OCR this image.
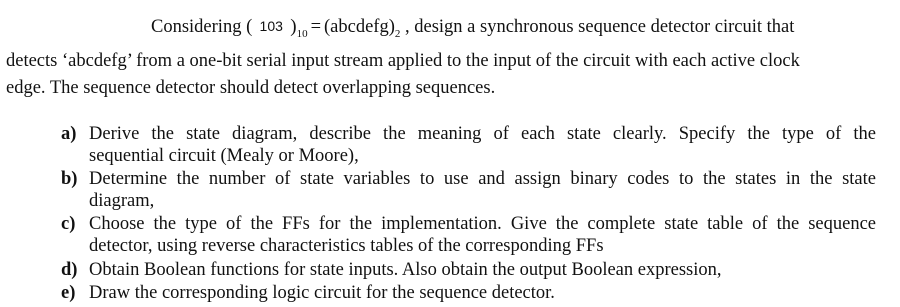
Considering ( 103 )$_{10}$ = $(abcdefg)_2$ , design a synchronous sequence detector circuit that
detects ‘abcdefg’ from a one-bit serial input stream applied to the input of the circuit with each active clock
edge. The sequence detector should detect overlapping sequences.
a) Derive the state diagram, describe the meaning of each state clearly. Specify the type of the
sequential circuit (Mealy or Moore),
b) Determine the number of state variables to use and assign binary codes to the states in the state
diagram,
c) Choose the type of the FFs for the implementation. Give the complete state table of the sequence
detector, using reverse characteristics tables of the corresponding FFs
d) Obtain Boolean functions for state inputs. Also obtain the output Boolean expression,
e) Draw the corresponding logic circuit for the sequence detector.
